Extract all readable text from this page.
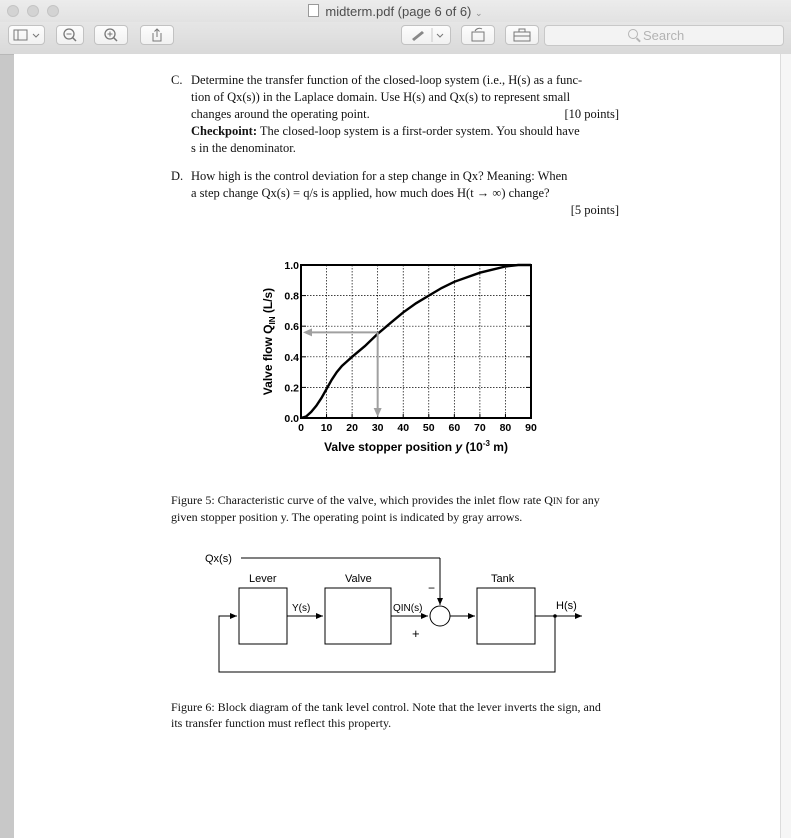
midterm.pdf (page 6 of 6) ⌄
Search
C. Determine the transfer function of the closed-loop system (i.e., H(s) as a func-
tion of Qx(s)) in the Laplace domain. Use H(s) and Qx(s) to represent small
changes around the operating point.	[10 points]
Checkpoint: The closed-loop system is a first-order system. You should have
s in the denominator.
D. How high is the control deviation for a step change in Qx? Meaning: When
a step change Qx(s) = q/s is applied, how much does H(t → ∞) change?
[5 points]
0.0
0.2
0.4
0.6
0.8
1.0
0 10 20 30 40 50 60 70 80 90
Valve stopper position y ($10^{-3}$ m)
Valve flow $Q_{IN}$ (L/s)
Figure 5: Characteristic curve of the valve, which provides the inlet flow rate QIN for any
given stopper position y. The operating point is indicated by gray arrows.
Qx(s)
−
Lever	Valve	Tank
Y(s)	QIN(s)
+
H(s)
Figure 6: Block diagram of the tank level control. Note that the lever inverts the sign, and
its transfer function must reflect this property.
